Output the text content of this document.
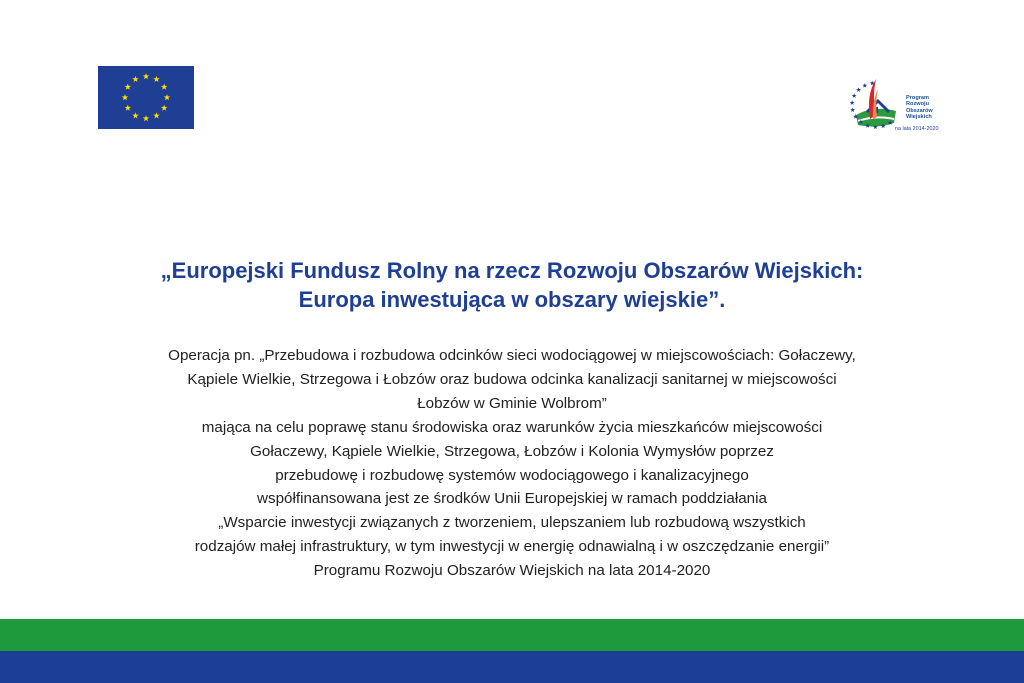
Program
Rozwoju
Obszarów
Wiejskich
na lata 2014-2020
„Europejski Fundusz Rolny na rzecz Rozwoju Obszarów Wiejskich:
Europa inwestująca w obszary wiejskie”.
Operacja pn. „Przebudowa i rozbudowa odcinków sieci wodociągowej w miejscowościach: Gołaczewy,
Kąpiele Wielkie, Strzegowa i Łobzów oraz budowa odcinka kanalizacji sanitarnej w miejscowości
Łobzów w Gminie Wolbrom”
mająca na celu poprawę stanu środowiska oraz warunków życia mieszkańców miejscowości
Gołaczewy, Kąpiele Wielkie, Strzegowa, Łobzów i Kolonia Wymysłów poprzez
przebudowę i rozbudowę systemów wodociągowego i kanalizacyjnego
współfinansowana jest ze środków Unii Europejskiej w ramach poddziałania
„Wsparcie inwestycji związanych z tworzeniem, ulepszaniem lub rozbudową wszystkich
rodzajów małej infrastruktury, w tym inwestycji w energię odnawialną i w oszczędzanie energii”
Programu Rozwoju Obszarów Wiejskich na lata 2014-2020
